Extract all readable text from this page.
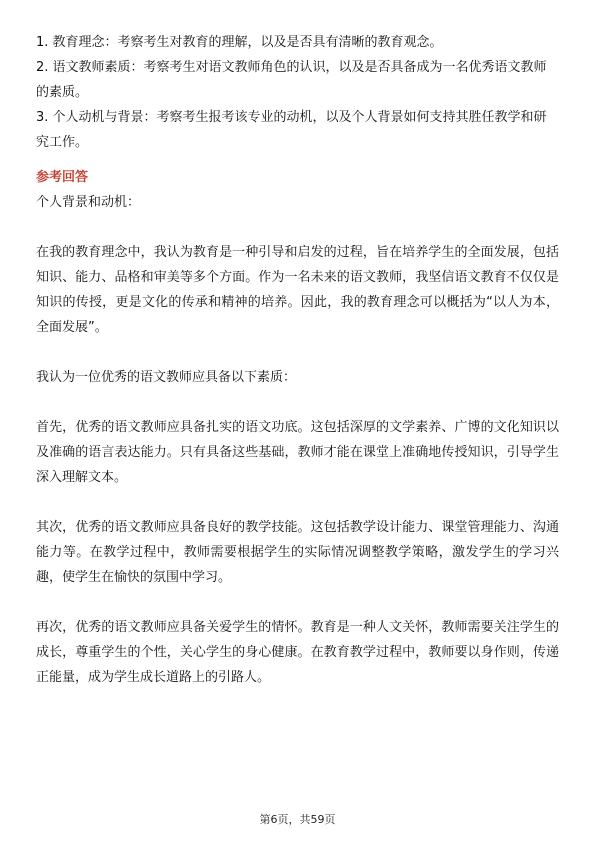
1. 教育理念：考察考生对教育的理解，以及是否具有清晰的教育观念。

2. 语文教师素质：考察考生对语文教师角色的认识，以及是否具备成为一名优秀语文教师的素质。

3. 个人动机与背景：考察考生报考该专业的动机，以及个人背景如何支持其胜任教学和研究工作。

参考回答
个人背景和动机：

在我的教育理念中，我认为教育是一种引导和启发的过程，旨在培养学生的全面发展，包括知识、能力、品格和审美等多个方面。作为一名未来的语文教师，我坚信语文教育不仅仅是知识的传授，更是文化的传承和精神的培养。因此，我的教育理念可以概括为“以人为本，全面发展”。

我认为一位优秀的语文教师应具备以下素质：

首先，优秀的语文教师应具备扎实的语文功底。这包括深厚的文学素养、广博的文化知识以及准确的语言表达能力。只有具备这些基础，教师才能在课堂上准确地传授知识，引导学生深入理解文本。

其次，优秀的语文教师应具备良好的教学技能。这包括教学设计能力、课堂管理能力、沟通能力等。在教学过程中，教师需要根据学生的实际情况调整教学策略，激发学生的学习兴趣，使学生在愉快的氛围中学习。

再次，优秀的语文教师应具备关爱学生的情怀。教育是一种人文关怀，教师需要关注学生的成长，尊重学生的个性，关心学生的身心健康。在教育教学过程中，教师要以身作则，传递正能量，成为学生成长道路上的引路人。

第6页，共59页
